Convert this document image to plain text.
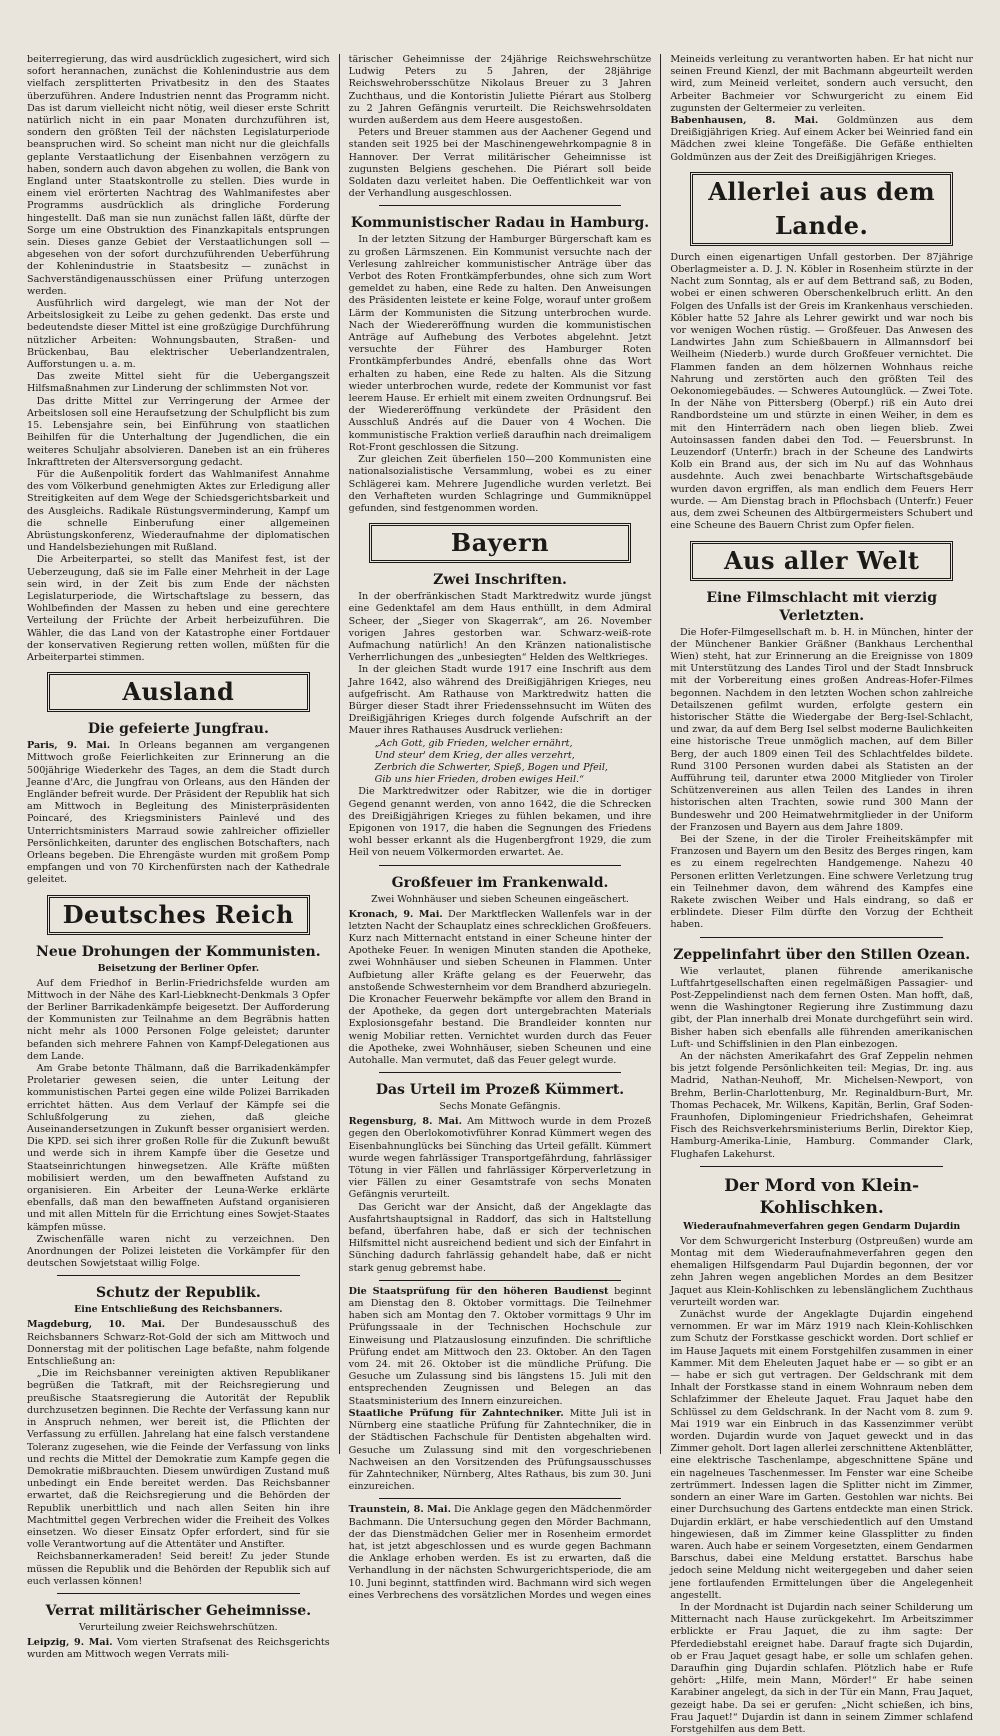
beiterregierung, das wird ausdrücklich zugesichert, wird sich sofort herannachen, zunächst die Kohlenindustrie aus dem vielfach zersplitterten Privatbesitz in den des Staates überzuführen. Andere Industrien nennt das Programm nicht. Das ist darum vielleicht nicht nötig, weil dieser erste Schritt natürlich nicht in ein paar Monaten durchzuführen ist, sondern den größten Teil der nächsten Legislaturperiode beanspruchen wird. So scheint man nicht nur die gleichfalls geplante Verstaatlichung der Eisenbahnen verzögern zu haben, sondern auch davon abgehen zu wollen, die Bank von England unter Staatskontrolle zu stellen. Dies wurde in einem viel erörterten Nachtrag des Wahlmanifestes aber Programms ausdrücklich als dringliche Forderung hingestellt. Daß man sie nun zunächst fallen läßt, dürfte der Sorge um eine Obstruktion des Finanzkapitals entsprungen sein. Dieses ganze Gebiet der Verstaatlichungen soll — abgesehen von der sofort durchzuführenden Ueberführung der Kohlenindustrie in Staatsbesitz — zunächst in Sachverständigenausschüssen einer Prüfung unterzogen werden.

Ausführlich wird dargelegt, wie man der Not der Arbeitslosigkeit zu Leibe zu gehen gedenkt. Das erste und bedeutendste dieser Mittel ist eine großzügige Durchführung nützlicher Arbeiten: Wohnungsbauten, Straßen- und Brückenbau, Bau elektrischer Ueberlandzentralen, Aufforstungen u. a. m.

Das zweite Mittel sieht für die Uebergangszeit Hilfsmaßnahmen zur Linderung der schlimmsten Not vor.

Das dritte Mittel zur Verringerung der Armee der Arbeitslosen soll eine Heraufsetzung der Schulpflicht bis zum 15. Lebensjahre sein, bei Einführung von staatlichen Beihilfen für die Unterhaltung der Jugendlichen, die ein weiteres Schuljahr absolvieren. Daneben ist an ein früheres Inkrafttreten der Altersversorgung gedacht.

Für die Außenpolitik fordert das Wahlmanifest Annahme des vom Völkerbund genehmigten Aktes zur Erledigung aller Streitigkeiten auf dem Wege der Schiedsgerichtsbarkeit und des Ausgleichs. Radikale Rüstungsverminderung, Kampf um die schnelle Einberufung einer allgemeinen Abrüstungskonferenz, Wiederaufnahme der diplomatischen und Handelsbeziehungen mit Rußland.

Die Arbeiterpartei, so stellt das Manifest fest, ist der Ueberzeugung, daß sie im Falle einer Mehrheit in der Lage sein wird, in der Zeit bis zum Ende der nächsten Legislaturperiode, die Wirtschaftslage zu bessern, das Wohlbefinden der Massen zu heben und eine gerechtere Verteilung der Früchte der Arbeit herbeizuführen. Die Wähler, die das Land von der Katastrophe einer Fortdauer der konservativen Regierung retten wollen, müßten für die Arbeiterpartei stimmen.

Ausland
Die gefeierte Jungfrau.

Paris, 9. Mai. In Orleans begannen am vergangenen Mittwoch große Feierlichkeiten zur Erinnerung an die 500jährige Wiederkehr des Tages, an dem die Stadt durch Jeanne d'Arc, die Jungfrau von Orleans, aus den Händen der Engländer befreit wurde. Der Präsident der Republik hat sich am Mittwoch in Begleitung des Ministerpräsidenten Poincaré, des Kriegsministers Painlevé und des Unterrichtsministers Marraud sowie zahlreicher offizieller Persönlichkeiten, darunter des englischen Botschafters, nach Orleans begeben. Die Ehrengäste wurden mit großem Pomp empfangen und von 70 Kirchenfürsten nach der Kathedrale geleitet.

Deutsches Reich
Neue Drohungen der Kommunisten.
Beisetzung der Berliner Opfer.

Auf dem Friedhof in Berlin-Friedrichsfelde wurden am Mittwoch in der Nähe des Karl-Liebknecht-Denkmals 3 Opfer der Berliner Barrikadenkämpfe beigesetzt. Der Aufforderung der Kommunisten zur Teilnahme an dem Begräbnis hatten nicht mehr als 1000 Personen Folge geleistet; darunter befanden sich mehrere Fahnen von Kampf-Delegationen aus dem Lande.

Am Grabe betonte Thälmann, daß die Barrikadenkämpfer Proletarier gewesen seien, die unter Leitung der kommunistischen Partei gegen eine wilde Polizei Barrikaden errichtet hätten. Aus dem Verlauf der Kämpfe sei die Schlußfolgerung zu ziehen, daß gleiche Auseinandersetzungen in Zukunft besser organisiert werden. Die KPD. sei sich ihrer großen Rolle für die Zukunft bewußt und werde sich in ihrem Kampfe über die Gesetze und Staatseinrichtungen hinwegsetzen. Alle Kräfte müßten mobilisiert werden, um den bewaffneten Aufstand zu organisieren. Ein Arbeiter der Leuna-Werke erklärte ebenfalls, daß man den bewaffneten Aufstand organisieren und mit allen Mitteln für die Errichtung eines Sowjet-Staates kämpfen müsse.

Zwischenfälle waren nicht zu verzeichnen. Den Anordnungen der Polizei leisteten die Vorkämpfer für den deutschen Sowjetstaat willig Folge.

Schutz der Republik.
Eine Entschließung des Reichsbanners.

Magdeburg, 10. Mai. Der Bundesausschuß des Reichsbanners Schwarz-Rot-Gold der sich am Mittwoch und Donnerstag mit der politischen Lage befaßte, nahm folgende Entschließung an:

„Die im Reichsbanner vereinigten aktiven Republikaner begrüßen die Tatkraft, mit der Reichsregierung und preußische Staatsregierung die Autorität der Republik durchzusetzen beginnen. Die Rechte der Verfassung kann nur in Anspruch nehmen, wer bereit ist, die Pflichten der Verfassung zu erfüllen. Jahrelang hat eine falsch verstandene Toleranz zugesehen, wie die Feinde der Verfassung von links und rechts die Mittel der Demokratie zum Kampfe gegen die Demokratie mißbrauchten. Diesem unwürdigen Zustand muß unbedingt ein Ende bereitet werden. Das Reichsbanner erwartet, daß die Reichsregierung und die Behörden der Republik unerbittlich und nach allen Seiten hin ihre Machtmittel gegen Verbrechen wider die Freiheit des Volkes einsetzen. Wo dieser Einsatz Opfer erfordert, sind für sie volle Verantwortung auf die Attentäter und Anstifter.

Reichsbannerkameraden! Seid bereit! Zu jeder Stunde müssen die Republik und die Behörden der Republik sich auf euch verlassen können!

Verrat militärischer Geheimnisse.
Verurteilung zweier Reichswehrschützen.

Leipzig, 9. Mai. Vom vierten Strafsenat des Reichsgerichts wurden am Mittwoch wegen Verrats mili-

tärischer Geheimnisse der 24jährige Reichswehrschütze Ludwig Peters zu 5 Jahren, der 28jährige Reichswehrobersschütze Nikolaus Breuer zu 3 Jahren Zuchthaus, und die Kontoristin Juliette Piérart aus Stolberg zu 2 Jahren Gefängnis verurteilt. Die Reichswehrsoldaten wurden außerdem aus dem Heere ausgestoßen.

Peters und Breuer stammen aus der Aachener Gegend und standen seit 1925 bei der Maschinengewehrkompagnie 8 in Hannover. Der Verrat militärischer Geheimnisse ist zugunsten Belgiens geschehen. Die Piérart soll beide Soldaten dazu verleitet haben. Die Oeffentlichkeit war von der Verhandlung ausgeschlossen.

Kommunistischer Radau in Hamburg.

In der letzten Sitzung der Hamburger Bürgerschaft kam es zu großen Lärmszenen. Ein Kommunist versuchte nach der Verlesung zahlreicher kommunistischer Anträge über das Verbot des Roten Frontkämpferbundes, ohne sich zum Wort gemeldet zu haben, eine Rede zu halten. Den Anweisungen des Präsidenten leistete er keine Folge, worauf unter großem Lärm der Kommunisten die Sitzung unterbrochen wurde. Nach der Wiedereröffnung wurden die kommunistischen Anträge auf Aufhebung des Verbotes abgelehnt. Jetzt versuchte der Führer des Hamburger Roten Frontkämpferbundes André, ebenfalls ohne das Wort erhalten zu haben, eine Rede zu halten. Als die Sitzung wieder unterbrochen wurde, redete der Kommunist vor fast leerem Hause. Er erhielt mit einem zweiten Ordnungsruf. Bei der Wiedereröffnung verkündete der Präsident den Ausschluß Andrés auf die Dauer von 4 Wochen. Die kommunistische Fraktion verließ daraufhin nach dreimaligem Rot-Front geschlossen die Sitzung.

Zur gleichen Zeit überfielen 150—200 Kommunisten eine nationalsozialistische Versammlung, wobei es zu einer Schlägerei kam. Mehrere Jugendliche wurden verletzt. Bei den Verhafteten wurden Schlagringe und Gummiknüppel gefunden, sind festgenommen worden.

Bayern
Zwei Inschriften.

In der oberfränkischen Stadt Marktredwitz wurde jüngst eine Gedenktafel am dem Haus enthüllt, in dem Admiral Scheer, der „Sieger von Skagerrak“, am 26. November vorigen Jahres gestorben war. Schwarz-weiß-rote Aufmachung natürlich! An den Kränzen nationalistische Verherrlichungen des „unbesiegten“ Helden des Weltkrieges.

In der gleichen Stadt wurde 1917 eine Inschrift aus dem Jahre 1642, also während des Dreißigjährigen Krieges, neu aufgefrischt. Am Rathause von Marktredwitz hatten die Bürger dieser Stadt ihrer Friedenssehnsucht im Wüten des Dreißigjährigen Krieges durch folgende Aufschrift an der Mauer ihres Rathauses Ausdruck verliehen:

„Ach Gott, gib Frieden, welcher ernährt,

Und steur' dem Krieg, der alles verzehrt,

Zerbrich die Schwerter, Spieß, Bogen und Pfeil,

Gib uns hier Frieden, droben ewiges Heil.“

Die Marktredwitzer oder Rabitzer, wie die in dortiger Gegend genannt werden, von anno 1642, die die Schrecken des Dreißigjährigen Krieges zu fühlen bekamen, und ihre Epigonen von 1917, die haben die Segnungen des Friedens wohl besser erkannt als die Hugenbergfront 1929, die zum Heil von neuem Völkermorden erwartet. Ae.

Großfeuer im Frankenwald.
Zwei Wohnhäuser und sieben Scheunen eingeäschert.

Kronach, 9. Mai. Der Marktflecken Wallenfels war in der letzten Nacht der Schauplatz eines schrecklichen Großfeuers. Kurz nach Mitternacht entstand in einer Scheune hinter der Apotheke Feuer. In wenigen Minuten standen die Apotheke, zwei Wohnhäuser und sieben Scheunen in Flammen. Unter Aufbietung aller Kräfte gelang es der Feuerwehr, das anstoßende Schwesternheim vor dem Brandherd abzuriegeln. Die Kronacher Feuerwehr bekämpfte vor allem den Brand in der Apotheke, da gegen dort untergebrachten Materials Explosionsgefahr bestand. Die Brandleider konnten nur wenig Mobiliar retten. Vernichtet wurden durch das Feuer die Apotheke, zwei Wohnhäuser, sieben Scheunen und eine Autohalle. Man vermutet, daß das Feuer gelegt wurde.

Das Urteil im Prozeß Kümmert.
Sechs Monate Gefängnis.

Regensburg, 8. Mai. Am Mittwoch wurde in dem Prozeß gegen den Oberlokomotivführer Konrad Kümmert wegen des Eisenbahnunglücks bei Sünching das Urteil gefällt. Kümmert wurde wegen fahrlässiger Transportgefährdung, fahrlässiger Tötung in vier Fällen und fahrlässiger Körperverletzung in vier Fällen zu einer Gesamtstrafe von sechs Monaten Gefängnis verurteilt.

Das Gericht war der Ansicht, daß der Angeklagte das Ausfahrtshauptsignal in Raddorf, das sich in Haltstellung befand, überfahren habe, daß er sich der technischen Hilfsmittel nicht ausreichend bedient und sich der Einfahrt in Sünching dadurch fahrlässig gehandelt habe, daß er nicht stark genug gebremst habe.

Die Staatsprüfung für den höheren Baudienst beginnt am Dienstag den 8. Oktober vormittags. Die Teilnehmer haben sich am Montag den 7. Oktober vormittags 9 Uhr im Prüfungssaale in der Technischen Hochschule zur Einweisung und Platzauslosung einzufinden. Die schriftliche Prüfung endet am Mittwoch den 23. Oktober. An den Tagen vom 24. mit 26. Oktober ist die mündliche Prüfung. Die Gesuche um Zulassung sind bis längstens 15. Juli mit den entsprechenden Zeugnissen und Belegen an das Staatsministerium des Innern einzureichen.

Staatliche Prüfung für Zahntechniker. Mitte Juli ist in Nürnberg eine staatliche Prüfung für Zahntechniker, die in der Städtischen Fachschule für Dentisten abgehalten wird. Gesuche um Zulassung sind mit den vorgeschriebenen Nachweisen an den Vorsitzenden des Prüfungsausschusses für Zahntechniker, Nürnberg, Altes Rathaus, bis zum 30. Juni einzureichen.

Traunstein, 8. Mai. Die Anklage gegen den Mädchenmörder Bachmann. Die Untersuchung gegen den Mörder Bachmann, der das Dienstmädchen Gelier mer in Rosenheim ermordet hat, ist jetzt abgeschlossen und es wurde gegen Bachmann die Anklage erhoben werden. Es ist zu erwarten, daß die Verhandlung in der nächsten Schwurgerichtsperiode, die am 10. Juni beginnt, stattfinden wird. Bachmann wird sich wegen eines Verbrechens des vorsätzlichen Mordes und wegen eines

Meineids verleitung zu verantworten haben. Er hat nicht nur seinen Freund Kienzl, der mit Bachmann abgeurteilt werden wird, zum Meineid verleitet, sondern auch versucht, den Arbeiter Bachmeier vor Schwurgericht zu einem Eid zugunsten der Geltermeier zu verleiten.

Babenhausen, 8. Mai. Goldmünzen aus dem Dreißigjährigen Krieg. Auf einem Acker bei Weinried fand ein Mädchen zwei kleine Tongefäße. Die Gefäße enthielten Goldmünzen aus der Zeit des Dreißigjährigen Krieges.

Allerlei aus dem Lande.

Durch einen eigenartigen Unfall gestorben. Der 87jährige Oberlagmeister a. D. J. N. Köbler in Rosenheim stürzte in der Nacht zum Sonntag, als er auf dem Bettrand saß, zu Boden, wobei er einen schweren Oberschenkelbruch erlitt. An den Folgen des Unfalls ist der Greis im Krankenhaus verschieden. Köbler hatte 52 Jahre als Lehrer gewirkt und war noch bis vor wenigen Wochen rüstig. — Großfeuer. Das Anwesen des Landwirtes Jahn zum Schießbauern in Allmannsdorf bei Weilheim (Niederb.) wurde durch Großfeuer vernichtet. Die Flammen fanden an dem hölzernen Wohnhaus reiche Nahrung und zerstörten auch den größten Teil des Oekonomiegebäudes. — Schweres Autounglück. — Zwei Tote. In der Nähe von Pittersberg (Oberpf.) riß ein Auto drei Randbordsteine um und stürzte in einen Weiher, in dem es mit den Hinterrädern nach oben liegen blieb. Zwei Autoinsassen fanden dabei den Tod. — Feuersbrunst. In Leuzendorf (Unterfr.) brach in der Scheune des Landwirts Kolb ein Brand aus, der sich im Nu auf das Wohnhaus ausdehnte. Auch zwei benachbarte Wirtschaftsgebäude wurden davon ergriffen, als man endlich dem Feuers Herr wurde. — Am Dienstag brach in Pflochsbach (Unterfr.) Feuer aus, dem zwei Scheunen des Altbürgermeisters Schubert und eine Scheune des Bauern Christ zum Opfer fielen.

Aus aller Welt
Eine Filmschlacht mit vierzig Verletzten.

Die Hofer-Filmgesellschaft m. b. H. in München, hinter der der Münchener Bankier Gräßner (Bankhaus Lerchenthal Wien) steht, hat zur Erinnerung an die Ereignisse von 1809 mit Unterstützung des Landes Tirol und der Stadt Innsbruck mit der Vorbereitung eines großen Andreas-Hofer-Filmes begonnen. Nachdem in den letzten Wochen schon zahlreiche Detailszenen gefilmt wurden, erfolgte gestern ein historischer Stätte die Wiedergabe der Berg-Isel-Schlacht, und zwar, da auf dem Berg Isel selbst moderne Baulichkeiten eine historische Treue unmöglich machen, auf dem Biller Berg, der auch 1809 einen Teil des Schlachtfeldes bildete. Rund 3100 Personen wurden dabei als Statisten an der Aufführung teil, darunter etwa 2000 Mitglieder von Tiroler Schützenvereinen aus allen Teilen des Landes in ihren historischen alten Trachten, sowie rund 300 Mann der Bundeswehr und 200 Heimatwehrmitglieder in der Uniform der Franzosen und Bayern aus dem Jahre 1809.

Bei der Szene, in der die Tiroler Freiheitskämpfer mit Franzosen und Bayern um den Besitz des Berges ringen, kam es zu einem regelrechten Handgemenge. Nahezu 40 Personen erlitten Verletzungen. Eine schwere Verletzung trug ein Teilnehmer davon, dem während des Kampfes eine Rakete zwischen Weiber und Hals eindrang, so daß er erblindete. Dieser Film dürfte den Vorzug der Echtheit haben.

Zeppelinfahrt über den Stillen Ozean.

Wie verlautet, planen führende amerikanische Luftfahrtgesellschaften einen regelmäßigen Passagier- und Post-Zeppelindienst nach dem fernen Osten. Man hofft, daß, wenn die Washingtoner Regierung ihre Zustimmung dazu gibt, der Plan innerhalb drei Monate durchgeführt sein wird. Bisher haben sich ebenfalls alle führenden amerikanischen Luft- und Schiffslinien in den Plan einbezogen.

An der nächsten Amerikafahrt des Graf Zeppelin nehmen bis jetzt folgende Persönlichkeiten teil: Megias, Dr. ing. aus Madrid, Nathan-Neuhoff, Mr. Michelsen-Newport, von Brehm, Berlin-Charlottenburg, Mr. Reginaldburn-Burt, Mr. Thomas Pechacek, Mr. Wilkens, Kapitän, Berlin, Graf Soden-Fraunhofen, Diplomingenieur Friedrichshafen, Geheimrat Fisch des Reichsverkehrsministeriums Berlin, Direktor Kiep, Hamburg-Amerika-Linie, Hamburg. Commander Clark, Flughafen Lakehurst.

Der Mord von Klein-Kohlischken.
Wiederaufnahmeverfahren gegen Gendarm Dujardin

Vor dem Schwurgericht Insterburg (Ostpreußen) wurde am Montag mit dem Wiederaufnahmeverfahren gegen den ehemaligen Hilfsgendarm Paul Dujardin begonnen, der vor zehn Jahren wegen angeblichen Mordes an dem Besitzer Jaquet aus Klein-Kohlischken zu lebenslänglichem Zuchthaus verurteilt worden war.

Zunächst wurde der Angeklagte Dujardin eingehend vernommen. Er war im März 1919 nach Klein-Kohlischken zum Schutz der Forstkasse geschickt worden. Dort schlief er im Hause Jaquets mit einem Forstgehilfen zusammen in einer Kammer. Mit dem Eheleuten Jaquet habe er — so gibt er an — habe er sich gut vertragen. Der Geldschrank mit dem Inhalt der Forstkasse stand in einem Wohnraum neben dem Schlafzimmer der Eheleute Jaquet. Frau Jaquet habe den Schlüssel zu dem Geldschrank. In der Nacht vom 8. zum 9. Mai 1919 war ein Einbruch in das Kassenzimmer verübt worden. Dujardin wurde von Jaquet geweckt und in das Zimmer geholt. Dort lagen allerlei zerschnittene Aktenblätter, eine elektrische Taschenlampe, abgeschnittene Späne und ein nagelneues Taschenmesser. Im Fenster war eine Scheibe zertrümmert. Indessen lagen die Splitter nicht im Zimmer, sondern an einer Ware im Garten. Gestohlen war nichts. Bei einer Durchsuchung des Gartens entdeckte man einen Strick. Dujardin erklärt, er habe verschiedentlich auf den Umstand hingewiesen, daß im Zimmer keine Glassplitter zu finden waren. Auch habe er seinem Vorgesetzten, einem Gendarmen Barschus, dabei eine Meldung erstattet. Barschus habe jedoch seine Meldung nicht weitergegeben und daher seien jene fortlaufenden Ermittelungen über die Angelegenheit angestellt.

In der Mordnacht ist Dujardin nach seiner Schilderung um Mitternacht nach Hause zurückgekehrt. Im Arbeitszimmer erblickte er Frau Jaquet, die zu ihm sagte: Der Pferdediebstahl ereignet habe. Darauf fragte sich Dujardin, ob er Frau Jaquet gesagt habe, er solle um schlafen gehen. Daraufhin ging Dujardin schlafen. Plötzlich habe er Rufe gehört: „Hilfe, mein Mann, Mörder!“ Er habe seinen Karabiner angelegt, da sich in der Tür ein Mann, Frau Jaquet, gezeigt habe. Da sei er gerufen: „Nicht schießen, ich bins, Frau Jaquet!“ Dujardin ist dann in seinem Zimmer schlafend Forstgehilfen aus dem Bett.
